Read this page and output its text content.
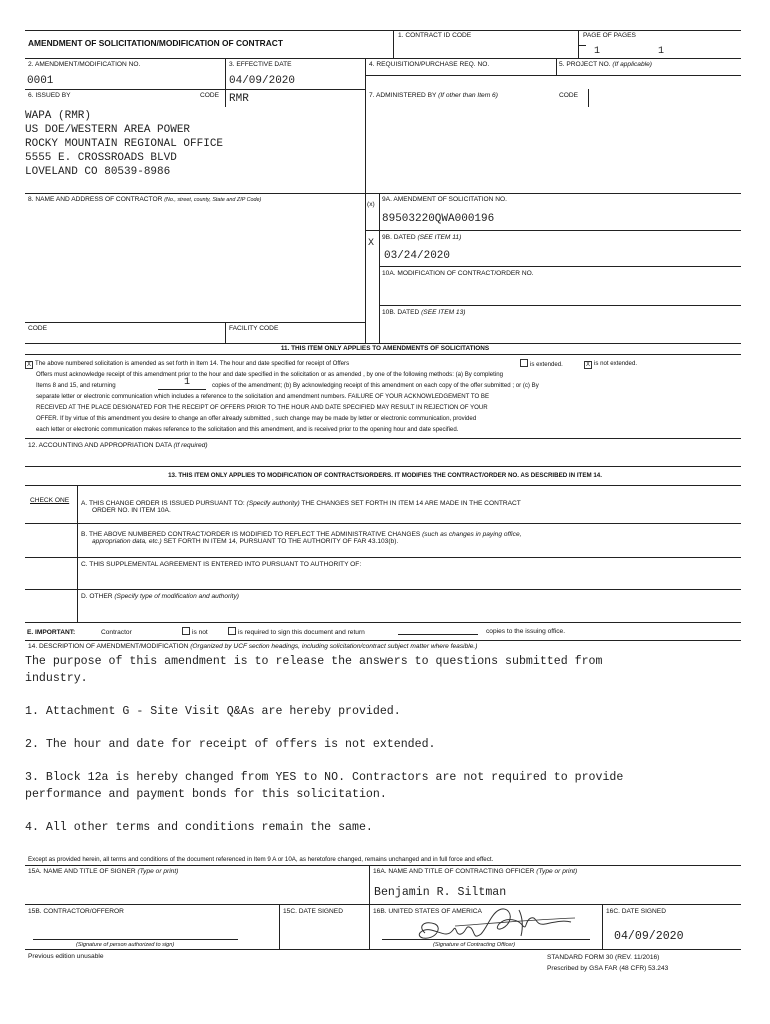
AMENDMENT OF SOLICITATION/MODIFICATION OF CONTRACT
1. CONTRACT ID CODE	PAGE OF PAGES
1	1
2. AMENDMENT/MODIFICATION NO.
0001
3. EFFECTIVE DATE
04/09/2020
4. REQUISITION/PURCHASE REQ. NO.	5. PROJECT NO. (If applicable)
6. ISSUED BY	CODE RMR	7. ADMINISTERED BY (If other than Item 6)	CODE
WAPA (RMR)
US DOE/WESTERN AREA POWER
ROCKY MOUNTAIN REGIONAL OFFICE
5555 E. CROSSROADS BLVD
LOVELAND CO 80539-8986
8. NAME AND ADDRESS OF CONTRACTOR (No., street, county, State and ZIP Code)
CODE	FACILITY CODE
(x)
9A. AMENDMENT OF SOLICITATION NO.
89503220QWA000196
9B. DATED (SEE ITEM 11)
X
03/24/2020
10A. MODIFICATION OF CONTRACT/ORDER NO.
10B. DATED (SEE ITEM 13)
11. THIS ITEM ONLY APPLIES TO AMENDMENTS OF SOLICITATIONS
X The above numbered solicitation is amended as set forth in Item 14. The hour and date specified for receipt of Offers	is extended.	X is not extended.
Offers must acknowledge receipt of this amendment prior to the hour and date specified in the solicitation or as amended , by one of the following methods: (a) By completing
Items 8 and 15, and returning	1	copies of the amendment; (b) By acknowledging receipt of this amendment on each copy of the offer submitted ; or (c) By
separate letter or electronic communication which includes a reference to the solicitation and amendment numbers. FAILURE OF YOUR ACKNOWLEDGEMENT TO BE
RECEIVED AT THE PLACE DESIGNATED FOR THE RECEIPT OF OFFERS PRIOR TO THE HOUR AND DATE SPECIFIED MAY RESULT IN REJECTION OF YOUR
OFFER. If by virtue of this amendment you desire to change an offer already submitted , such change may be made by letter or electronic communication, provided
each letter or electronic communication makes reference to the solicitation and this amendment, and is received prior to the opening hour and date specified.
12. ACCOUNTING AND APPROPRIATION DATA (If required)
13. THIS ITEM ONLY APPLIES TO MODIFICATION OF CONTRACTS/ORDERS. IT MODIFIES THE CONTRACT/ORDER NO. AS DESCRIBED IN ITEM 14.
CHECK ONE A. THIS CHANGE ORDER IS ISSUED PURSUANT TO: (Specify authority) THE CHANGES SET FORTH IN ITEM 14 ARE MADE IN THE CONTRACT
ORDER NO. IN ITEM 10A.
B. THE ABOVE NUMBERED CONTRACT/ORDER IS MODIFIED TO REFLECT THE ADMINISTRATIVE CHANGES (such as changes in paying office,
appropriation data, etc.) SET FORTH IN ITEM 14, PURSUANT TO THE AUTHORITY OF FAR 43.103(b).
C. THIS SUPPLEMENTAL AGREEMENT IS ENTERED INTO PURSUANT TO AUTHORITY OF:
D. OTHER (Specify type of modification and authority)
E. IMPORTANT:	Contractor	is not	is required to sign this document and return	copies to the issuing office.
14. DESCRIPTION OF AMENDMENT/MODIFICATION (Organized by UCF section headings, including solicitation/contract subject matter where feasible.)
The purpose of this amendment is to release the answers to questions submitted from
industry.
1. Attachment G - Site Visit Q&As are hereby provided.
2. The hour and date for receipt of offers is not extended.
3. Block 12a is hereby changed from YES to NO. Contractors are not required to provide
performance and payment bonds for this solicitation.
4. All other terms and conditions remain the same.
Except as provided herein, all terms and conditions of the document referenced in Item 9 A or 10A, as heretofore changed, remains unchanged and in full force and effect.
15A. NAME AND TITLE OF SIGNER (Type or print)	16A. NAME AND TITLE OF CONTRACTING OFFICER (Type or print)
Benjamin R. Siltman
15B. CONTRACTOR/OFFEROR	15C. DATE SIGNED	16B. UNITED STATES OF AMERICA	16C. DATE SIGNED
04/09/2020
(Signature of person authorized to sign)	(Signature of Contracting Officer)
Previous edition unusable	STANDARD FORM 30 (REV. 11/2016)
Prescribed by GSA FAR (48 CFR) 53.243
